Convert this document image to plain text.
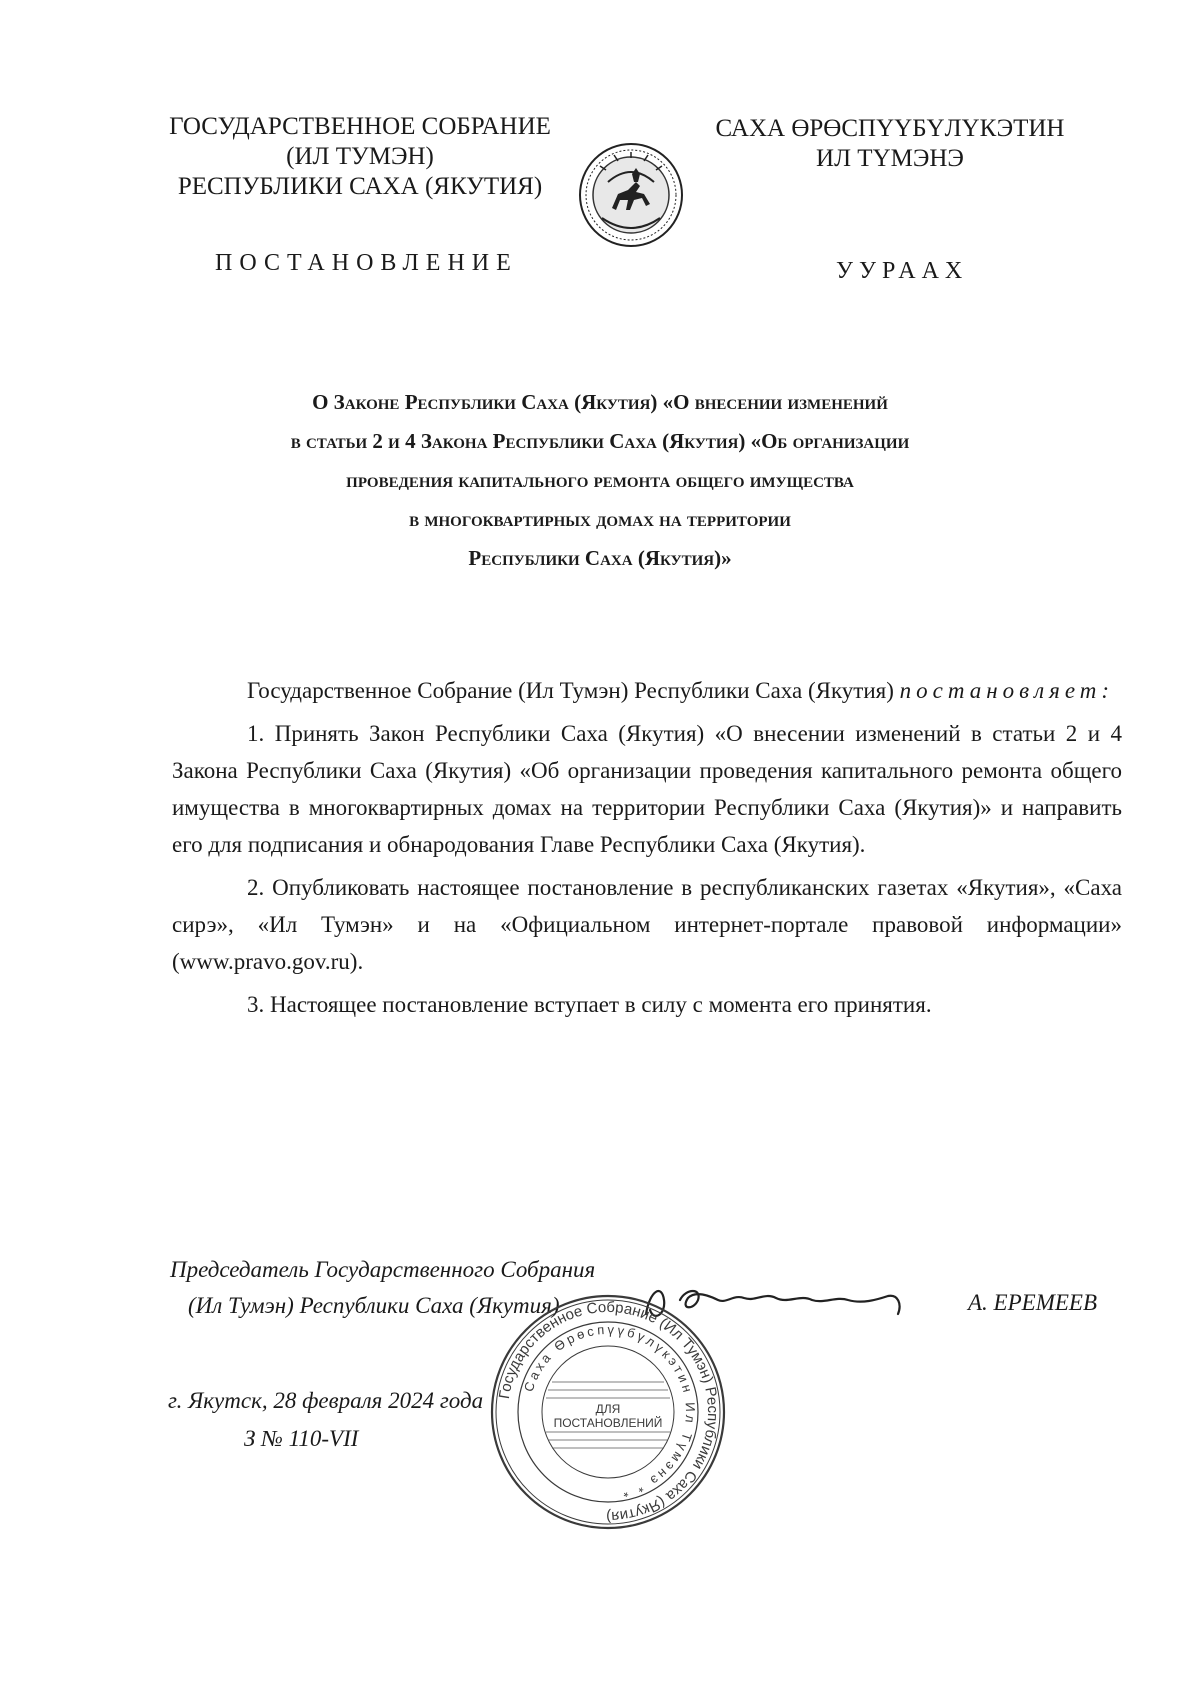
ГОСУДАРСТВЕННОЕ СОБРАНИЕ
(ИЛ ТУМЭН)
РЕСПУБЛИКИ САХА (ЯКУТИЯ)
САХА ӨРӨСПҮҮБҮЛҮКЭТИН
ИЛ ТҮМЭНЭ
ПОСТАНОВЛЕНИЕ	УУРААХ
О Законе Республики Саха (Якутия) «О внесении изменений
в статьи 2 и 4 Закона Республики Саха (Якутия) «Об организации
проведения капитального ремонта общего имущества
в многоквартирных домах на территории
Республики Саха (Якутия)»

Государственное Собрание (Ил Тумэн) Республики Саха (Якутия) постановляет:

1. Принять Закон Республики Саха (Якутия) «О внесении изменений в статьи 2 и 4 Закона Республики Саха (Якутия) «Об организации проведения капитального ремонта общего имущества в многоквартирных домах на территории Республики Саха (Якутия)» и направить его для подписания и обнародования Главе Республики Саха (Якутия).

2. Опубликовать настоящее постановление в республиканских газетах «Якутия», «Саха сирэ», «Ил Тумэн» и на «Официальном интернет-портале правовой информации» (www.pravo.gov.ru).

3. Настоящее постановление вступает в силу с момента его принятия.

Председатель Государственного Собрания
(Ил Тумэн) Республики Саха (Якутия)	А. ЕРЕМЕЕВ
г. Якутск, 28 февраля 2024 года
З № 110-VII
Государственное Собрание (Ил Тумэн) Республики Саха (Якутия)
Саха Өрөспүүбүлүкэтин Ил Түмэнэ * *
ДЛЯ
ПОСТАНОВЛЕНИЙ
